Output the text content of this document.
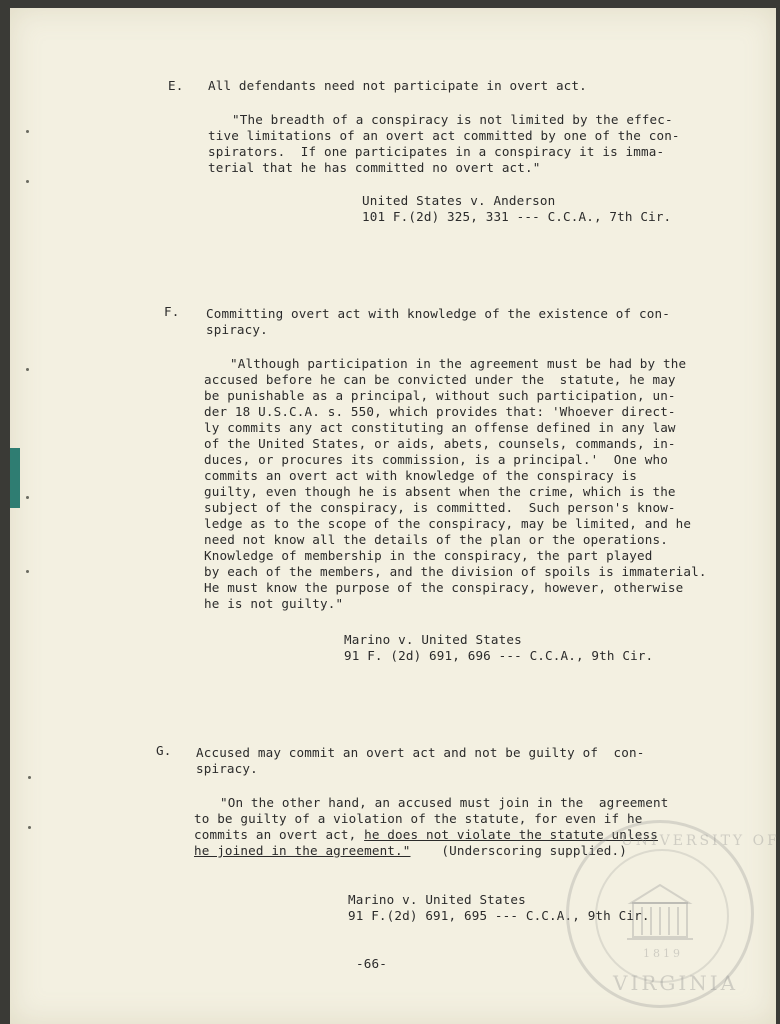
E. All defendants need not participate in overt act.
"The breadth of a conspiracy is not limited by the effec-
tive limitations of an overt act committed by one of the con-
spirators.  If one participates in a conspiracy it is imma-
terial that he has committed no overt act."
United States v. Anderson
101 F.(2d) 325, 331 --- C.C.A., 7th Cir.
F. Committing overt act with knowledge of the existence of con-
spiracy.
"Although participation in the agreement must be had by the
accused before he can be convicted under the  statute, he may
be punishable as a principal, without such participation, un-
der 18 U.S.C.A. s. 550, which provides that: 'Whoever direct-
ly commits any act constituting an offense defined in any law
of the United States, or aids, abets, counsels, commands, in-
duces, or procures its commission, is a principal.'  One who
commits an overt act with knowledge of the conspiracy is
guilty, even though he is absent when the crime, which is the
subject of the conspiracy, is committed.  Such person's know-
ledge as to the scope of the conspiracy, may be limited, and he
need not know all the details of the plan or the operations.
Knowledge of membership in the conspiracy, the part played
by each of the members, and the division of spoils is immaterial.
He must know the purpose of the conspiracy, however, otherwise
he is not guilty."
Marino v. United States
91 F. (2d) 691, 696 --- C.C.A., 9th Cir.
G. Accused may commit an overt act and not be guilty of  con-
spiracy.
"On the other hand, an accused must join in the  agreement
to be guilty of a violation of the statute, for even if he
commits an overt act, he does not violate the statute unless
he joined in the agreement."    (Underscoring supplied.)
Marino v. United States
91 F.(2d) 691, 695 --- C.C.A., 9th Cir.
-66-
UNIVERSITY OF
VIRGINIA
1819
